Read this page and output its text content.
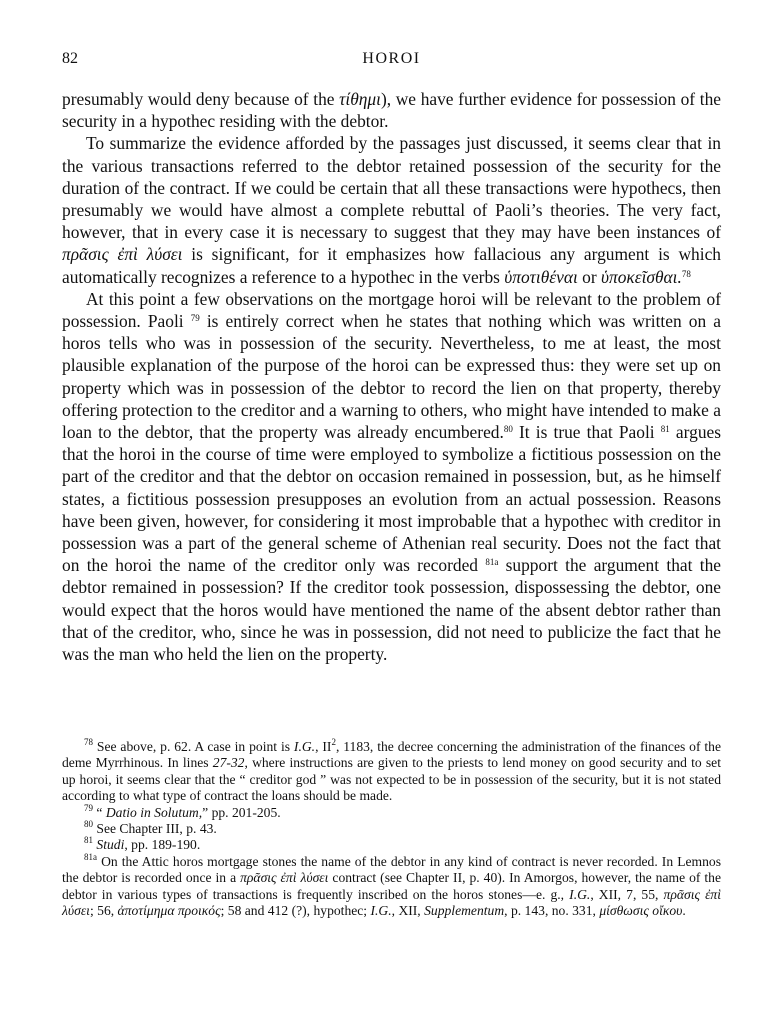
82	HOROI

presumably would deny because of the τίθημι), we have further evidence for possession of the security in a hypothec residing with the debtor.

To summarize the evidence afforded by the passages just discussed, it seems clear that in the various transactions referred to the debtor retained possession of the security for the duration of the contract. If we could be certain that all these transactions were hypothecs, then presumably we would have almost a complete rebuttal of Paoli’s theories. The very fact, however, that in every case it is necessary to suggest that they may have been instances of πρᾶσις ἐπὶ λύσει is significant, for it emphasizes how fallacious any argument is which automatically recognizes a reference to a hypothec in the verbs ὑποτιθέναι or ὑποκεῖσθαι.$^{78}$

At this point a few observations on the mortgage horoi will be relevant to the problem of possession. Paoli $^{79}$ is entirely correct when he states that nothing which was written on a horos tells who was in possession of the security. Nevertheless, to me at least, the most plausible explanation of the purpose of the horoi can be expressed thus: they were set up on property which was in possession of the debtor to record the lien on that property, thereby offering protection to the creditor and a warning to others, who might have intended to make a loan to the debtor, that the property was already encumbered.$^{80}$ It is true that Paoli $^{81}$ argues that the horoi in the course of time were employed to symbolize a fictitious possession on the part of the creditor and that the debtor on occasion remained in possession, but, as he himself states, a fictitious possession presupposes an evolution from an actual possession. Reasons have been given, however, for considering it most improbable that a hypothec with creditor in possession was a part of the general scheme of Athenian real security. Does not the fact that on the horoi the name of the creditor only was recorded $^{81a}$ support the argument that the debtor remained in possession? If the creditor took possession, dispossessing the debtor, one would expect that the horos would have mentioned the name of the absent debtor rather than that of the creditor, who, since he was in possession, did not need to publicize the fact that he was the man who held the lien on the property.

$^{78}$ See above, p. 62. A case in point is I.G., $II^2$, 1183, the decree concerning the administration of the finances of the deme Myrrhinous. In lines 27-32, where instructions are given to the priests to lend money on good security and to set up horoi, it seems clear that the “ creditor god ” was not expected to be in possession of the security, but it is not stated according to what type of contract the loans should be made.

$^{79}$ “ Datio in Solutum,” pp. 201-205.

$^{80}$ See Chapter III, p. 43.

$^{81}$ Studi, pp. 189-190.

$^{81a}$ On the Attic horos mortgage stones the name of the debtor in any kind of contract is never recorded. In Lemnos the debtor is recorded once in a πρᾶσις ἐπὶ λύσει contract (see Chapter II, p. 40). In Amorgos, however, the name of the debtor in various types of transactions is frequently inscribed on the horos stones—e. g., I.G., XII, 7, 55, πρᾶσις ἐπὶ λύσει; 56, ἀποτίμημα προικός; 58 and 412 (?), hypothec; I.G., XII, Supplementum, p. 143, no. 331, μίσθωσις οἴκου.
